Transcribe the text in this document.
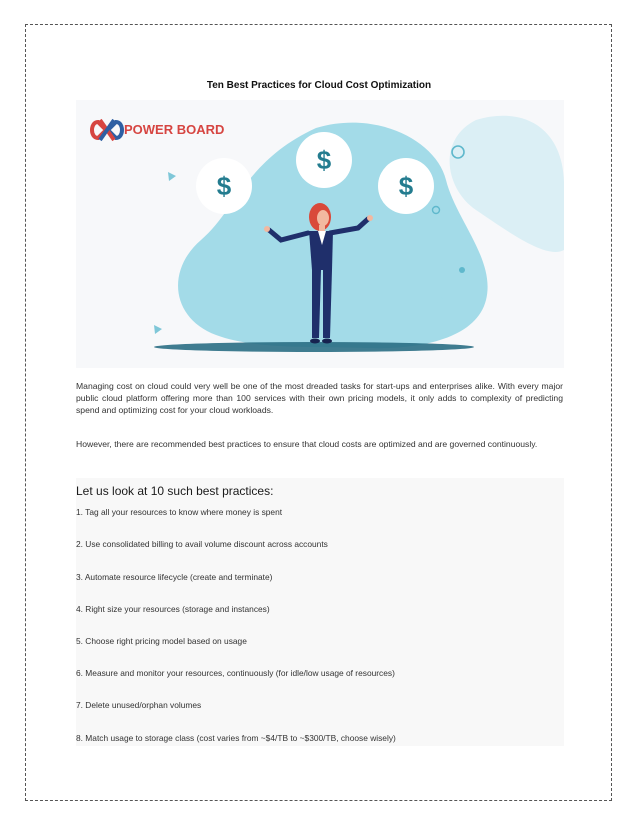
Ten Best Practices for Cloud Cost Optimization
POWER BOARD
$
$
$
Managing cost on cloud could very well be one of the most dreaded tasks for start-ups and enterprises alike. With every major public cloud platform offering more than 100 services with their own pricing models, it only adds to complexity of predicting spend and optimizing cost for your cloud workloads.
However, there are recommended best practices to ensure that cloud costs are optimized and are governed continuously.
Let us look at 10 such best practices:
1. Tag all your resources to know where money is spent
2. Use consolidated billing to avail volume discount across accounts
3. Automate resource lifecycle (create and terminate)
4. Right size your resources (storage and instances)
5. Choose right pricing model based on usage
6. Measure and monitor your resources, continuously (for idle/low usage of resources)
7. Delete unused/orphan volumes
8. Match usage to storage class (cost varies from ~$4/TB to ~$300/TB, choose wisely)
